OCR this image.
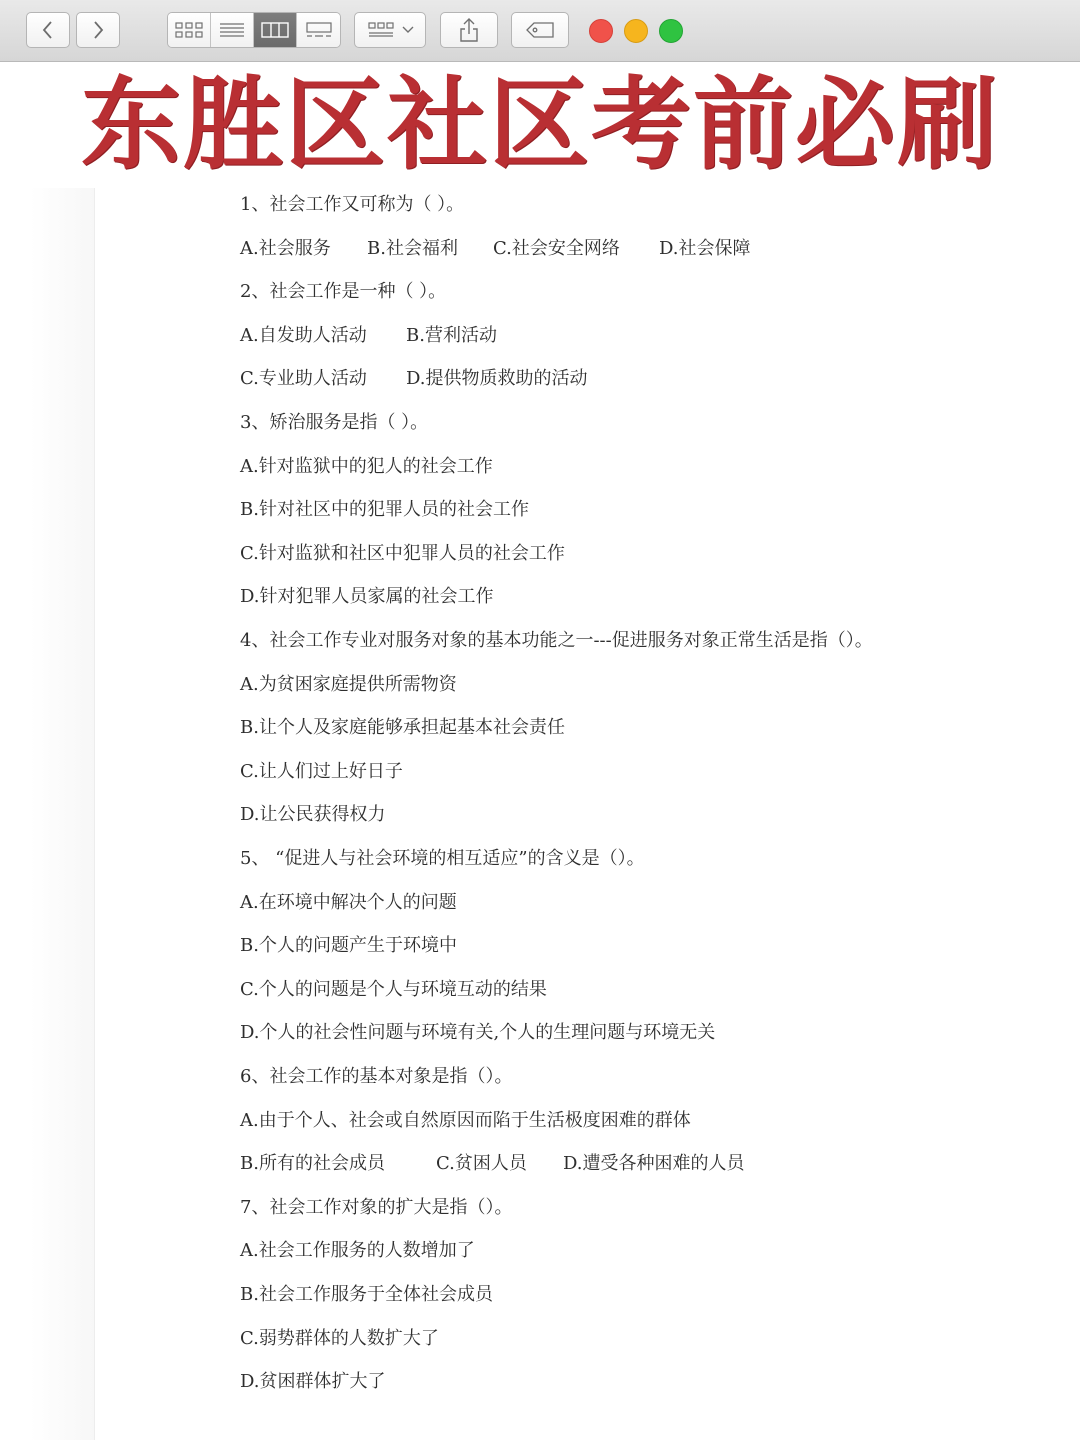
东胜区社区考前必刷
1、社会工作又可称为（ ）。
A.社会服务 B.社会福利 C.社会安全网络 D.社会保障
2、社会工作是一种（ ）。
A.自发助人活动 B.营利活动
C.专业助人活动 D.提供物质救助的活动
3、矫治服务是指（ ）。
A.针对监狱中的犯人的社会工作
B.针对社区中的犯罪人员的社会工作
C.针对监狱和社区中犯罪人员的社会工作
D.针对犯罪人员家属的社会工作
4、社会工作专业对服务对象的基本功能之一---促进服务对象正常生活是指（）。
A.为贫困家庭提供所需物资
B.让个人及家庭能够承担起基本社会责任
C.让人们过上好日子
D.让公民获得权力
5、 “促进人与社会环境的相互适应”的含义是（）。
A.在环境中解决个人的问题
B.个人的问题产生于环境中
C.个人的问题是个人与环境互动的结果
D.个人的社会性问题与环境有关,个人的生理问题与环境无关
6、社会工作的基本对象是指（）。
A.由于个人、社会或自然原因而陷于生活极度困难的群体
B.所有的社会成员	C.贫困人员 D.遭受各种困难的人员
7、社会工作对象的扩大是指（）。
A.社会工作服务的人数增加了
B.社会工作服务于全体社会成员
C.弱势群体的人数扩大了
D.贫困群体扩大了
